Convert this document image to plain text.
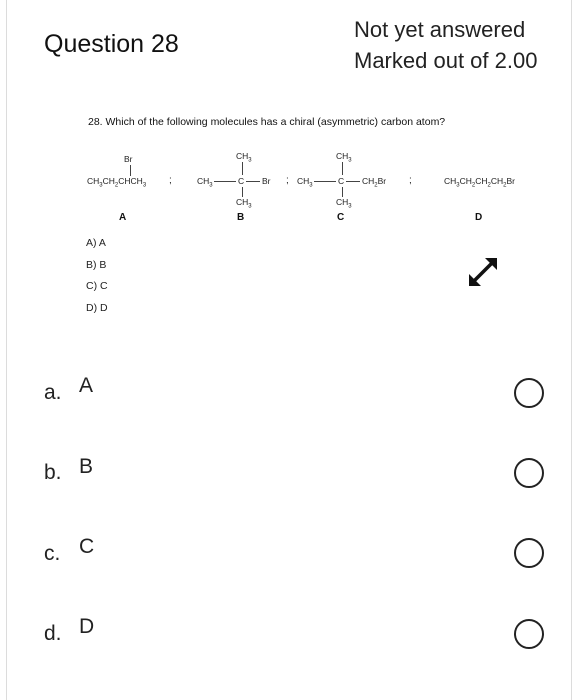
Question 28
Not yet answered
Marked out of 2.00
28. Which of the following molecules has a chiral (asymmetric) carbon atom?
Br
$CH_3CH_2CHCH_3$
A
;
$CH_3$
$CH_3$	C Br
$CH_3$
B
;
$CH_3$
$CH_3$	C $CH_2Br$
$CH_3$
C
;	$CH_3CH_2CH_2CH_2Br$
D
A) A
B) B
C) C
D) D
a. A
b. B
c. C
d. D
